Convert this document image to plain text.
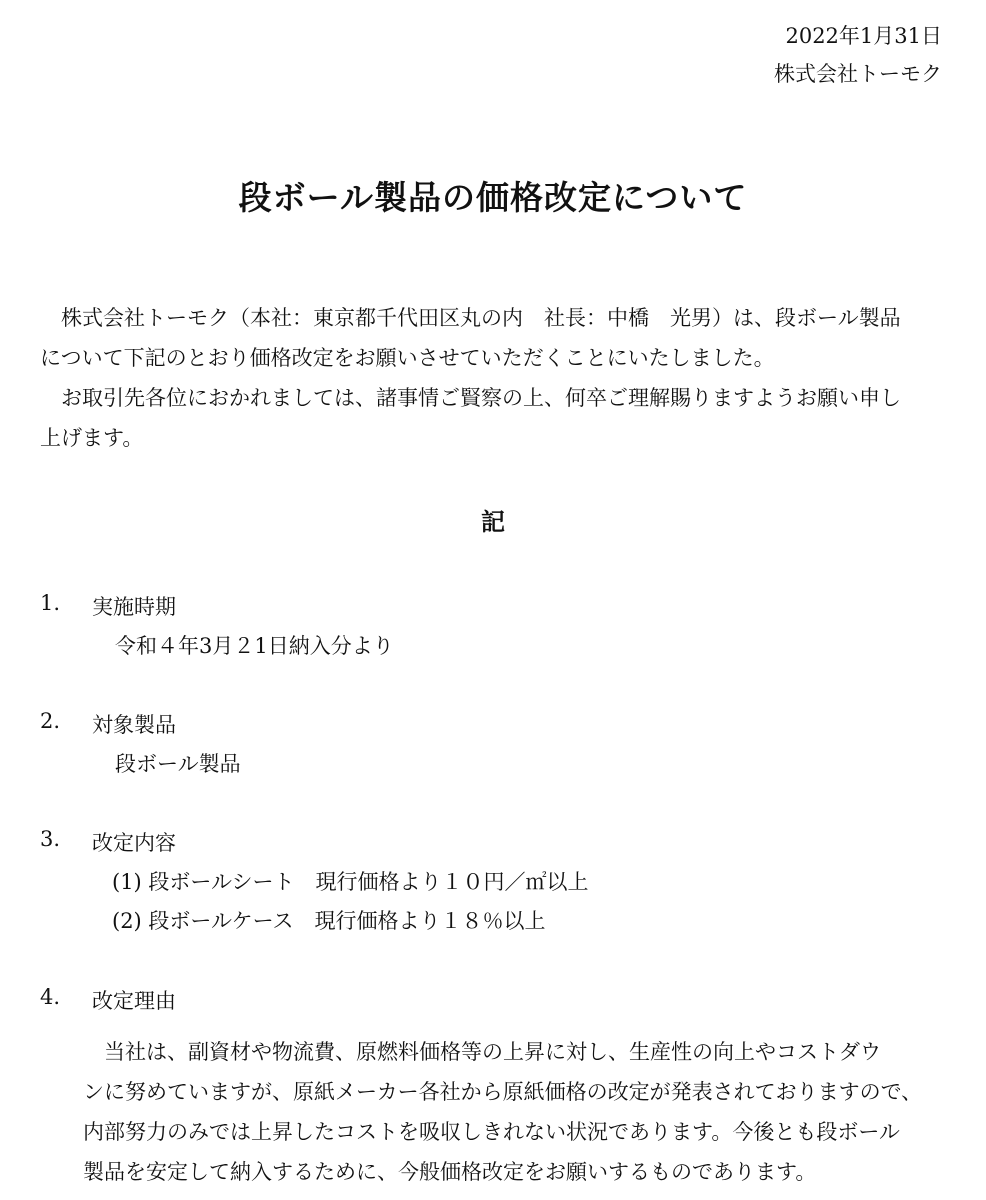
2022年1月31日
株式会社トーモク
段ボール製品の価格改定について
　株式会社トーモク（本社：東京都千代田区丸の内　社長：中橋　光男）は、段ボール製品
について下記のとおり価格改定をお願いさせていただくことにいたしました。
　お取引先各位におかれましては、諸事情ご賢察の上、何卒ご理解賜りますようお願い申し
上げます。
記
1. 実施時期
令和４年3月２1日納入分より
2. 対象製品
段ボール製品
3. 改定内容
(1) 段ボールシート　現行価格より１０円／㎡以上
(2) 段ボールケース　現行価格より１８％以上
4. 改定理由
　当社は、副資材や物流費、原燃料価格等の上昇に対し、生産性の向上やコストダウ
ンに努めていますが、原紙メーカー各社から原紙価格の改定が発表されておりますので、
内部努力のみでは上昇したコストを吸収しきれない状況であります。今後とも段ボール
製品を安定して納入するために、今般価格改定をお願いするものであります。
